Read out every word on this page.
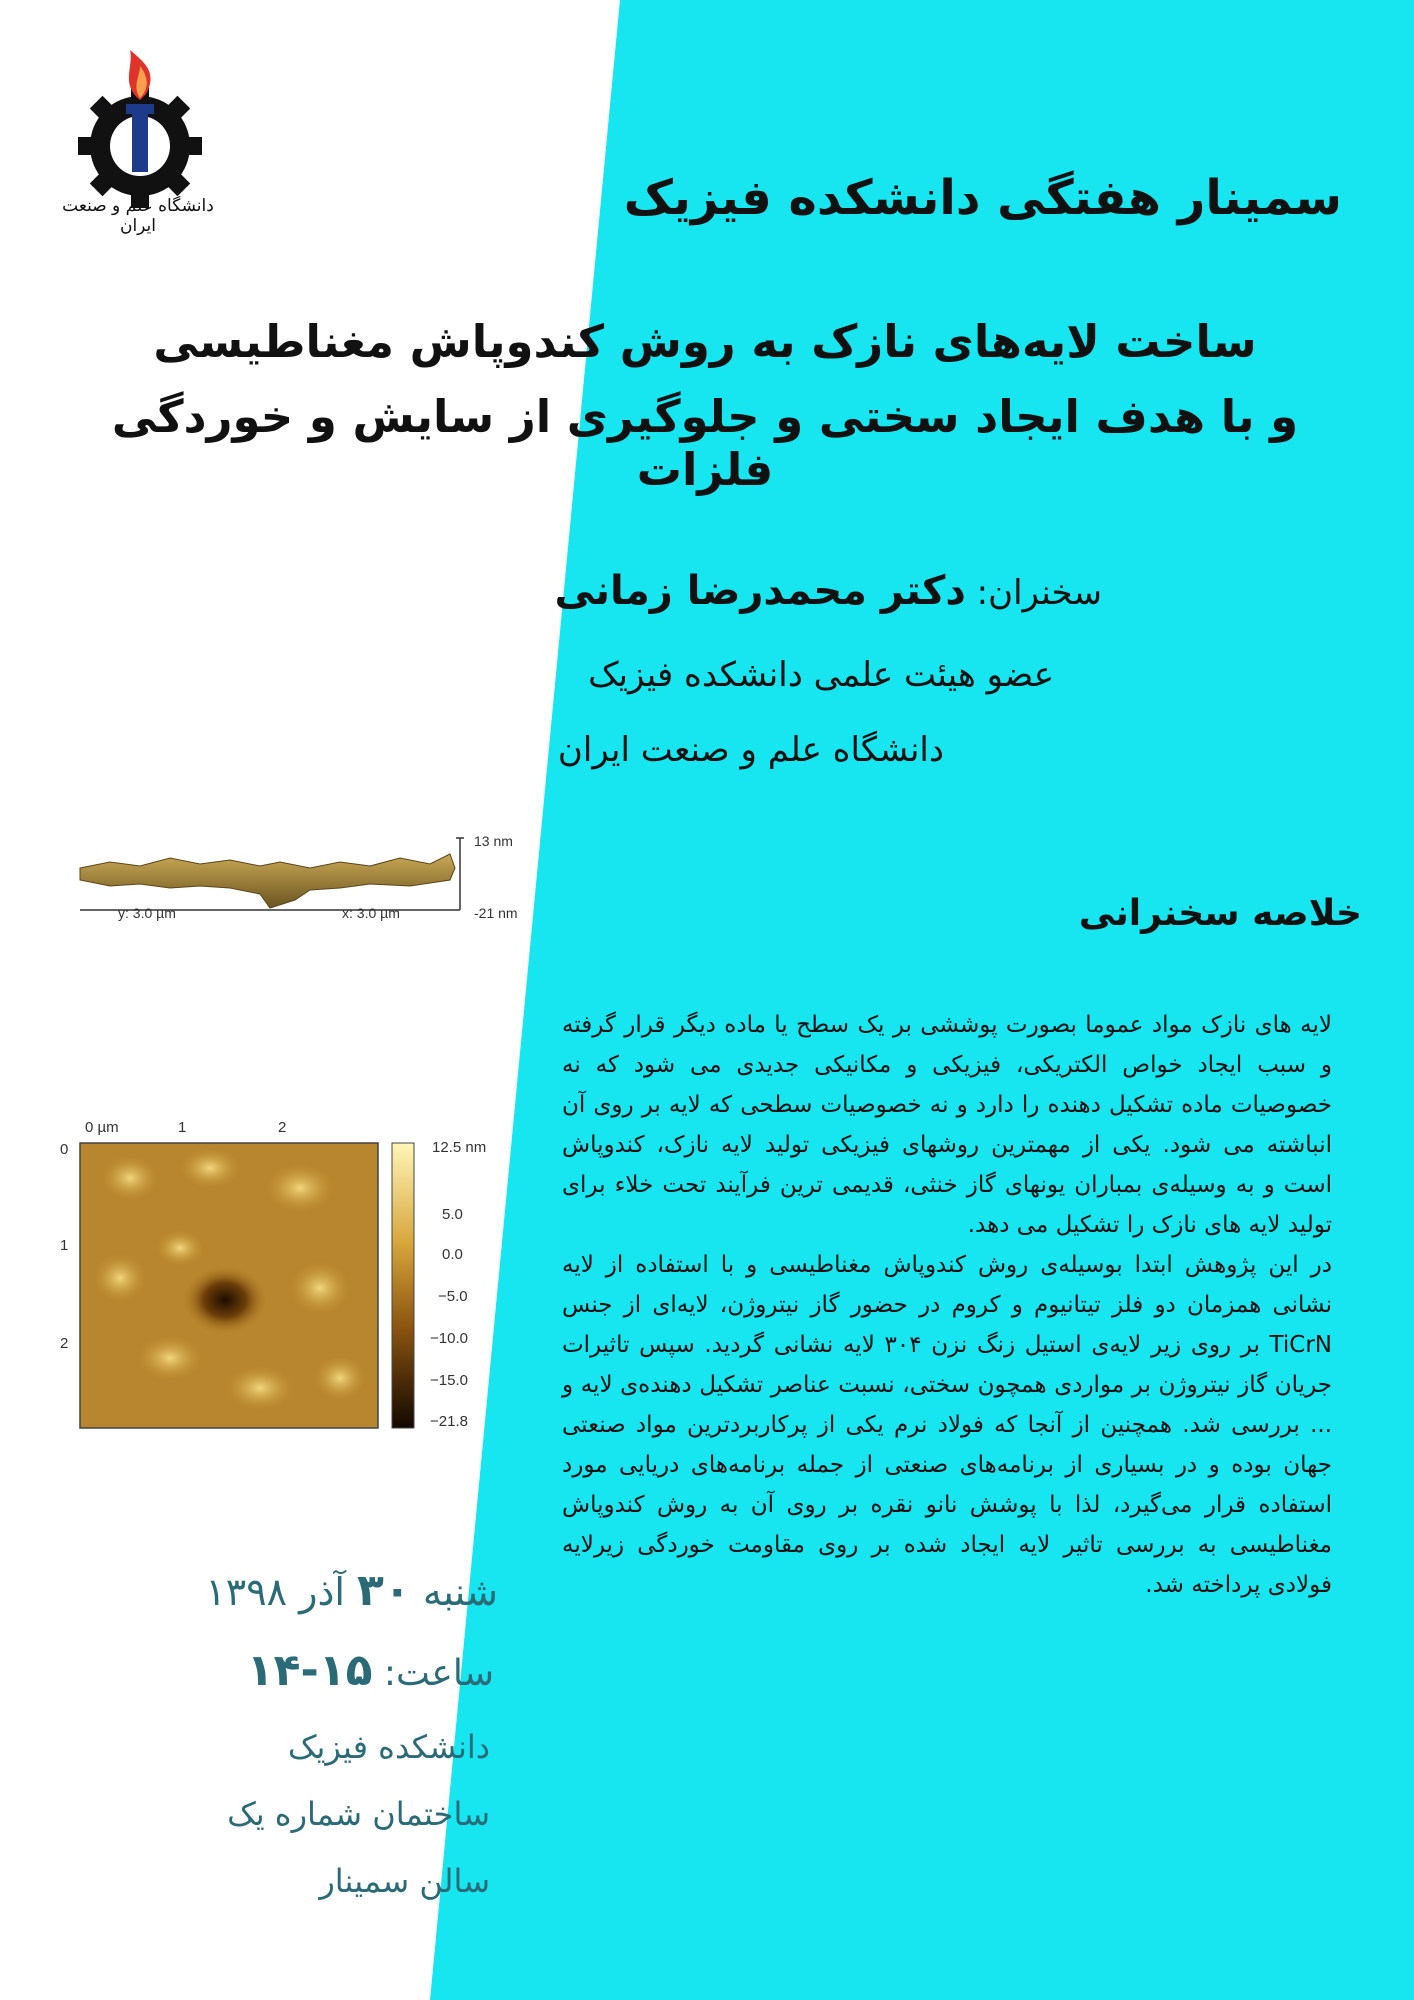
دانشگاه علم و صنعت ایران	سمینار هفتگی دانشکده فیزیک
ساخت لایه‌های نازک به روش کندوپاش مغناطیسی
و با هدف ایجاد سختی و جلوگیری از سایش و خوردگی فلزات
سخنران: دکتر محمدرضا زمانی
عضو هیئت علمی دانشکده فیزیک
دانشگاه علم و صنعت ایران
y: 3.0 µm	x: 3.0 µm
13 nm
-21 nm
0 µm	1	2
0
1
2
12.5 nm
5.0
0.0
−5.0
−10.0
−15.0
−21.8
خلاصه سخنرانی

لایه های نازک مواد عموما بصورت پوششی بر یک سطح یا ماده دیگر قرار گرفته و سبب ایجاد خواص الکتریکی، فیزیکی و مکانیکی جدیدی می شود که نه خصوصیات ماده تشکیل دهنده را دارد و نه خصوصیات سطحی که لایه بر روی آن انباشته می شود. یکی از مهمترین روشهای فیزیکی تولید لایه نازک، کندوپاش است و به وسیله‌ی بمباران یونهای گاز خنثی، قدیمی ترین فرآیند تحت خلاء برای تولید لایه های نازک را تشکیل می دهد.

در این پژوهش ابتدا بوسیله‌ی روش کندوپاش مغناطیسی و با استفاده از لایه نشانی همزمان دو فلز تیتانیوم و کروم در حضور گاز نیتروژن، لایه‌ای از جنس TiCrN بر روی زیر لایه‌ی استیل زنگ نزن ۳۰۴ لایه نشانی گردید. سپس تاثیرات جریان گاز نیتروژن بر مواردی همچون سختی، نسبت عناصر تشکیل دهنده‌ی لایه و ... بررسی شد. همچنین از آنجا که فولاد نرم یکی از پرکاربردترین مواد صنعتی جهان بوده و در بسیاری از برنامه‌های صنعتی از جمله برنامه‌های دریایی مورد استفاده قرار می‌گیرد، لذا با پوشش نانو نقره بر روی آن به روش کندوپاش مغناطیسی به بررسی تاثیر لایه ایجاد شده بر روی مقاومت خوردگی زیرلایه فولادی پرداخته شد.

شنبه ۳۰ آذر ۱۳۹۸
ساعت: ۱۵-۱۴
دانشکده فیزیک
ساختمان شماره یک
سالن سمینار
